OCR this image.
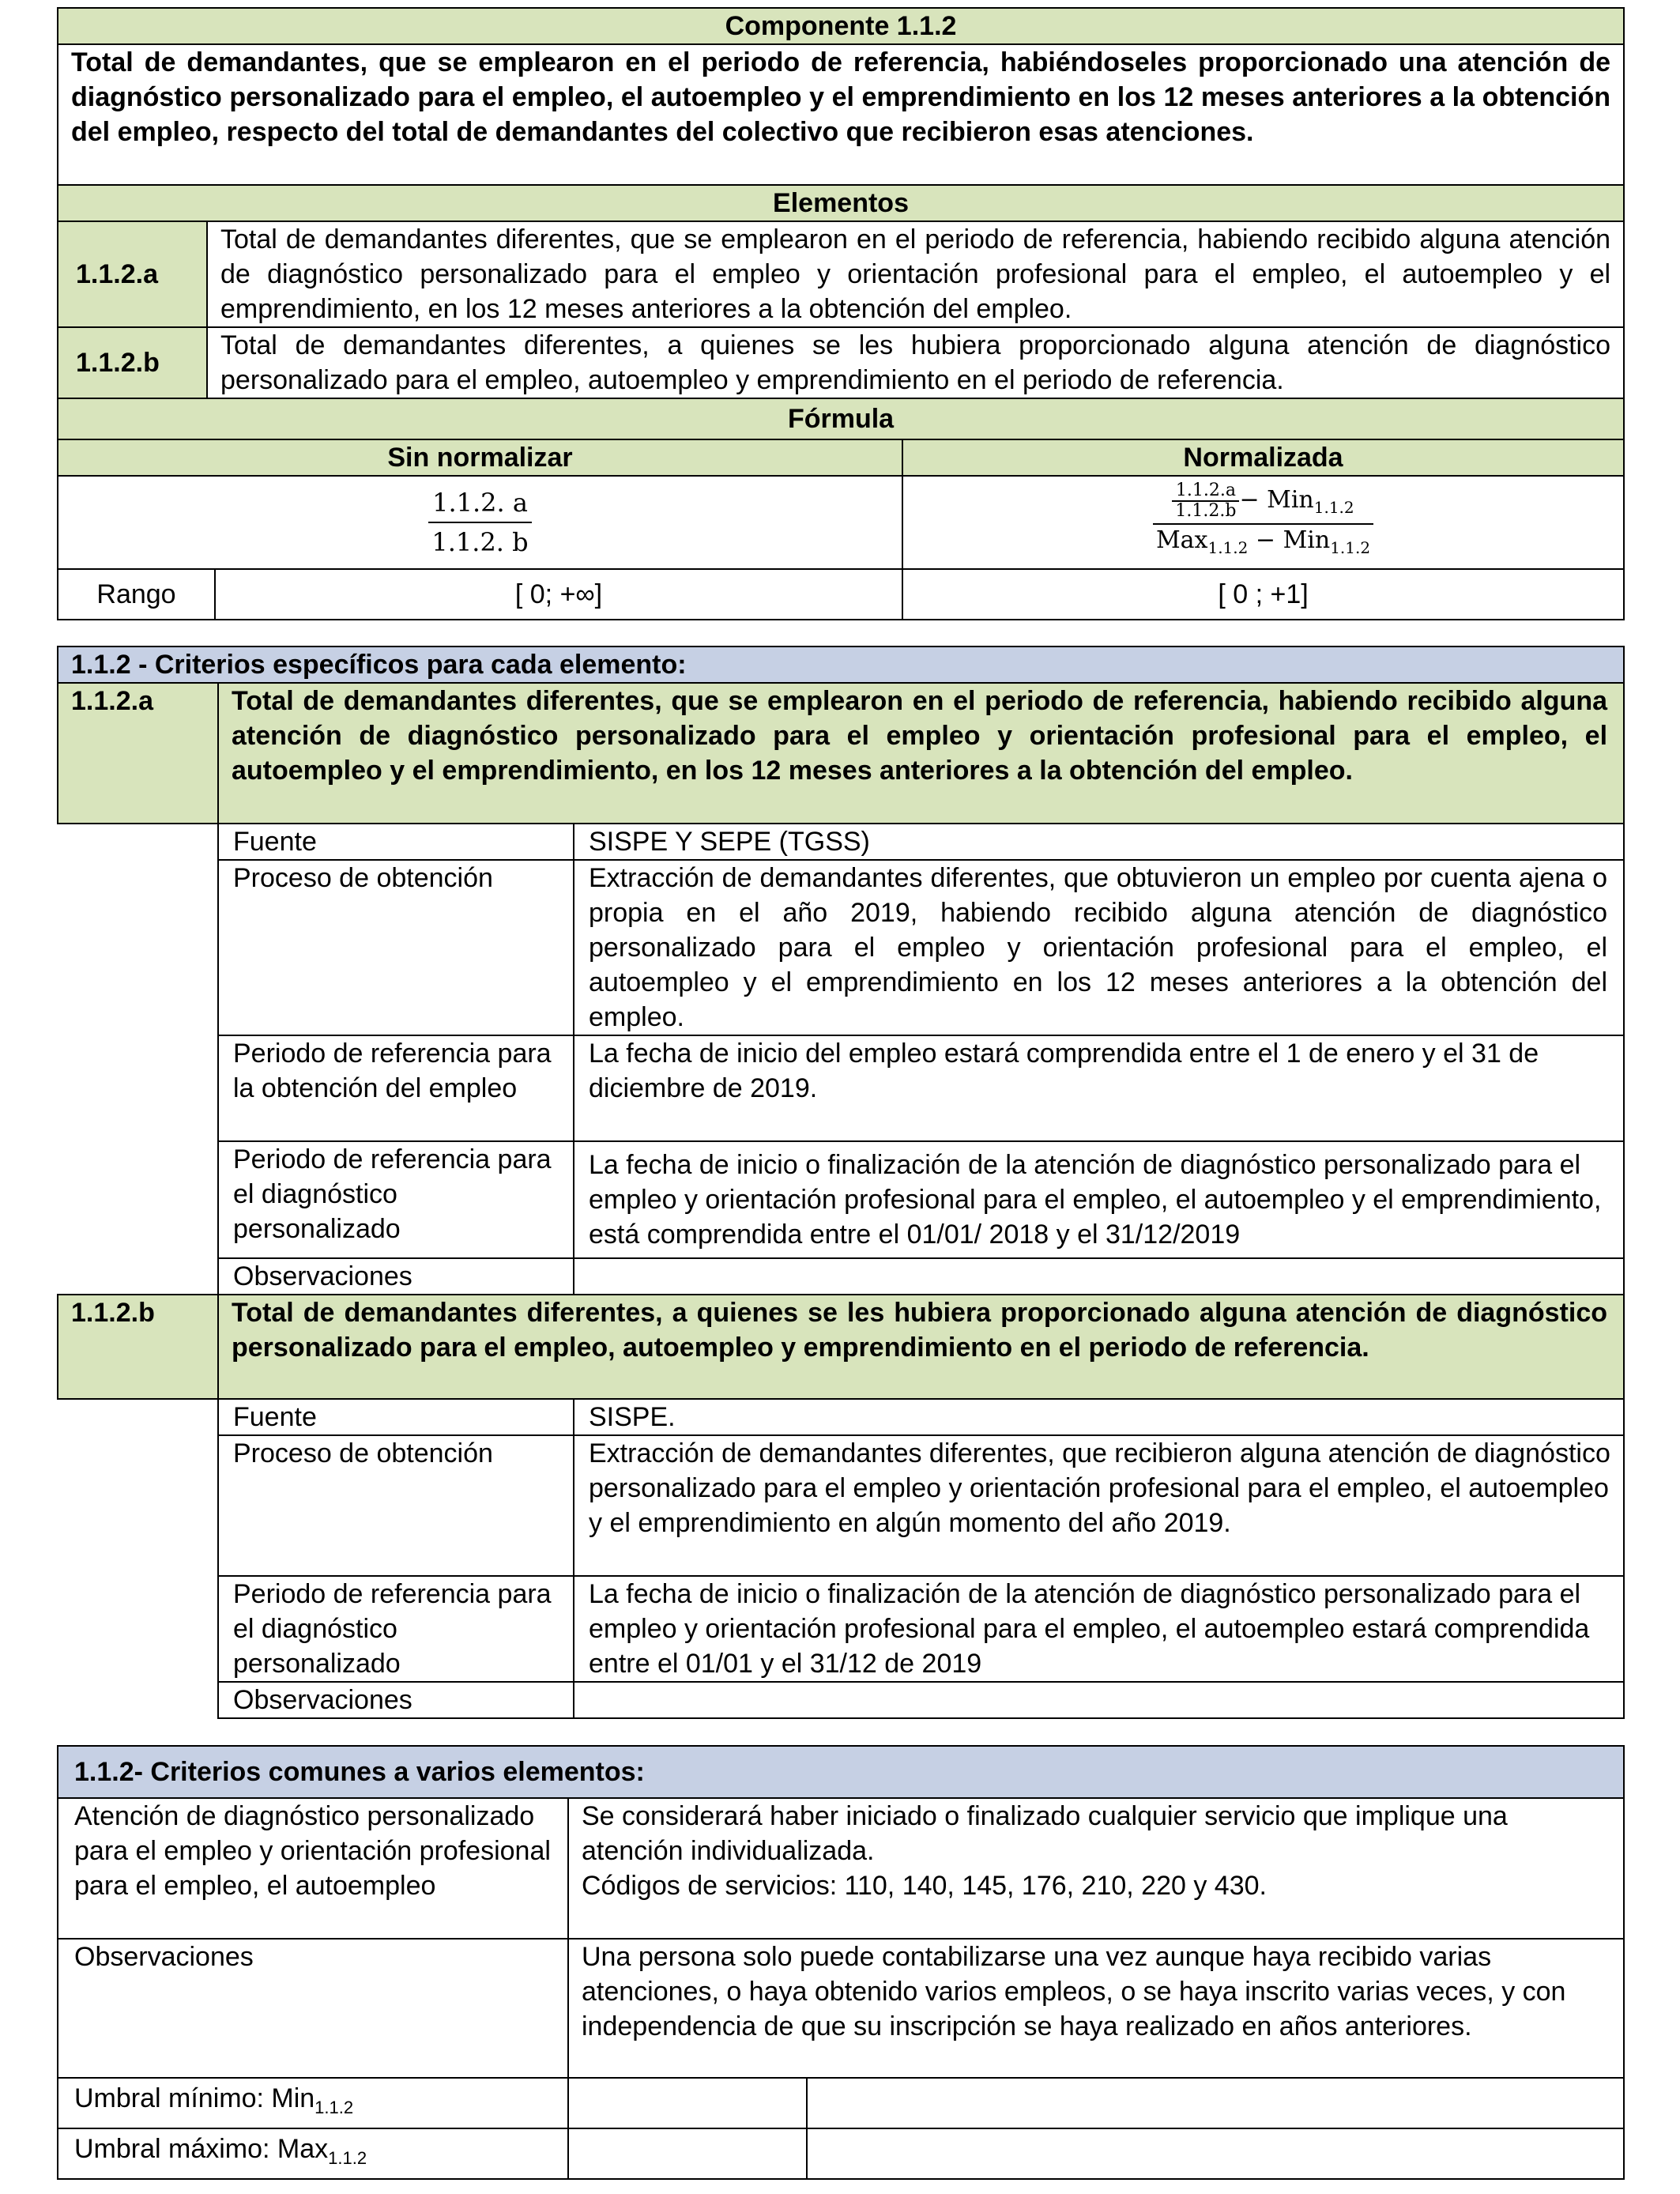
Componente 1.1.2			
Total de demandantes, que se emplearon en el periodo de referencia, habiéndoseles proporcionado una atención de diagnóstico personalizado para el empleo, el autoempleo y el emprendimiento en los 12 meses anteriores a la obtención del empleo, respecto del total de demandantes del colectivo que recibieron esas atenciones.			
Elementos			
1.1.2.a	Total de demandantes diferentes, que se emplearon en el periodo de referencia, habiendo recibido alguna atención de diagnóstico personalizado para el empleo y orientación profesional para el empleo, el autoempleo y el emprendimiento, en los 12 meses anteriores a la obtención del empleo.		
1.1.2.b	Total de demandantes diferentes, a quienes se les hubiera proporcionado alguna atención de diagnóstico personalizado para el empleo, autoempleo y emprendimiento en el periodo de referencia.		
Fórmula			
Sin normalizar			Normalizada

$\frac{1.1.2. a}{1.1.2. b}$			$\frac{\frac{1.1.2.a}{1.1.2.b} - Min_{1.1.2}}{Max_{1.1.2} - Min_{1.1.2}}$

Rango		[ 0; +∞]	[ 0 ; +1]
1.1.2 - Criterios específicos para cada elemento:		
1.1.2.a	Total de demandantes diferentes, que se emplearon en el periodo de referencia, habiendo recibido alguna atención de diagnóstico personalizado para el empleo y orientación profesional para el empleo, el autoempleo y el emprendimiento, en los 12 meses anteriores a la obtención del empleo.	
	Fuente	SISPE Y SEPE (TGSS)
	Proceso de obtención	Extracción de demandantes diferentes, que obtuvieron un empleo por cuenta ajena o propia en el año 2019, habiendo recibido alguna atención de diagnóstico personalizado para el empleo y orientación profesional para el empleo, el autoempleo y el emprendimiento en los 12 meses anteriores a la obtención del empleo.
	Periodo de referencia para la obtención del empleo	La fecha de inicio del empleo estará comprendida entre el 1 de enero y el 31 de diciembre de 2019.
	Periodo de referencia para el diagnóstico personalizado	La fecha de inicio o finalización de la atención de diagnóstico personalizado para el empleo y orientación profesional para el empleo, el autoempleo y el emprendimiento, está comprendida entre el 01/01/ 2018 y el 31/12/2019
	Observaciones	
1.1.2.b	Total de demandantes diferentes, a quienes se les hubiera proporcionado alguna atención de diagnóstico personalizado para el empleo, autoempleo y emprendimiento en el periodo de referencia.	
	Fuente	SISPE.
	Proceso de obtención	Extracción de demandantes diferentes, que recibieron alguna atención de diagnóstico personalizado para el empleo y orientación profesional para el empleo, el autoempleo y el emprendimiento en algún momento del año 2019.
	Periodo de referencia para el diagnóstico personalizado	La fecha de inicio o finalización de la atención de diagnóstico personalizado para el empleo y orientación profesional para el empleo, el autoempleo estará comprendida entre el 01/01 y el 31/12 de 2019
	Observaciones	
1.1.2- Criterios comunes a varios elementos:		
Atención de diagnóstico personalizado para el empleo y orientación profesional para el empleo, el autoempleo	Se considerará haber iniciado o finalizado cualquier servicio que implique una atención individualizada.
Códigos de servicios: 110, 140, 145, 176, 210, 220 y 430.	

Observaciones	Una persona solo puede contabilizarse una vez aunque haya recibido varias atenciones, o haya obtenido varios empleos, o se haya inscrito varias veces, y con independencia de que su inscripción se haya realizado en años anteriores.	
Umbral mínimo: Min$_{1.1.2}$		
Umbral máximo: Max$_{1.1.2}$		
